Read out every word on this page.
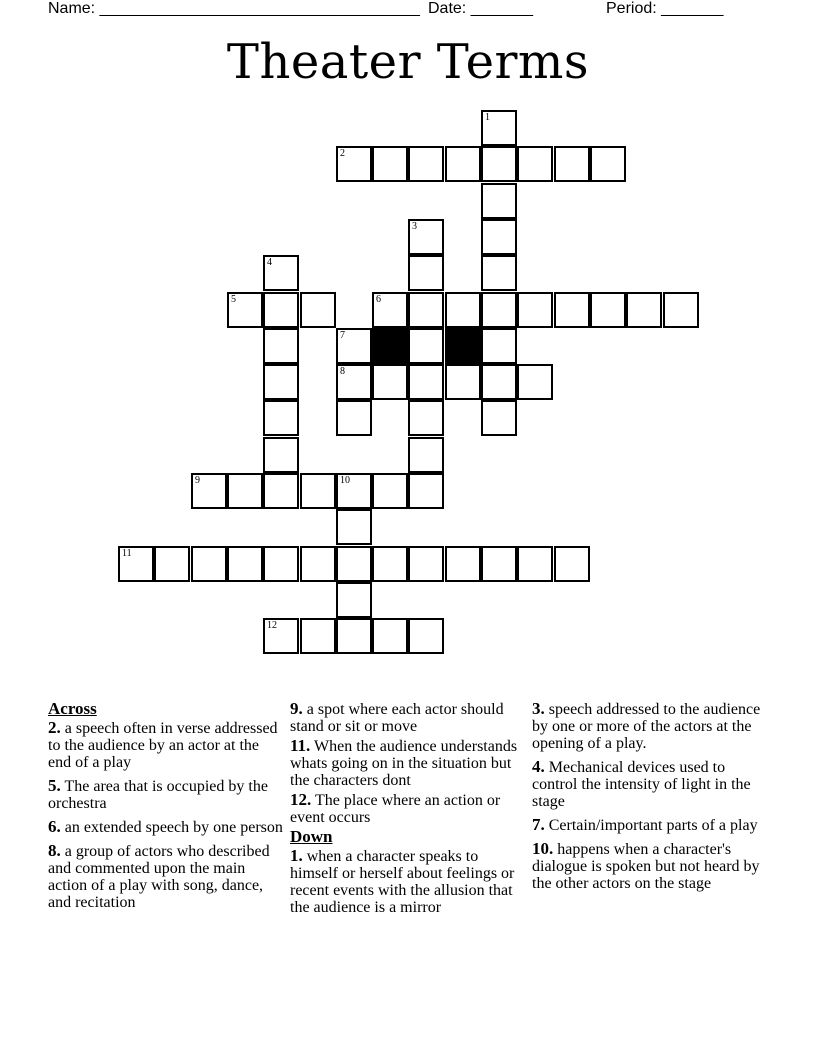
Name: ____________________________________

Date: _______

	Period: _______

Theater Terms
1
2
3
4
5	6
7
8
9	10
11
12
Across
2. a speech often in verse addressed to the audience by an actor at the end of a play
5. The area that is occupied by the orchestra
6. an extended speech by one person
8. a group of actors who described and commented upon the main action of a play with song, dance, and recitation
9. a spot where each actor should stand or sit or move
11. When the audience understands whats going on in the situation but the characters dont
12. The place where an action or event occurs
Down
1. when a character speaks to himself or herself about feelings or recent events with the allusion that the audience is a mirror
3. speech addressed to the audience by one or more of the actors at the opening of a play.
4. Mechanical devices used to control the intensity of light in the stage
7. Certain/important parts of a play
10. happens when a character's dialogue is spoken but not heard by the other actors on the stage
